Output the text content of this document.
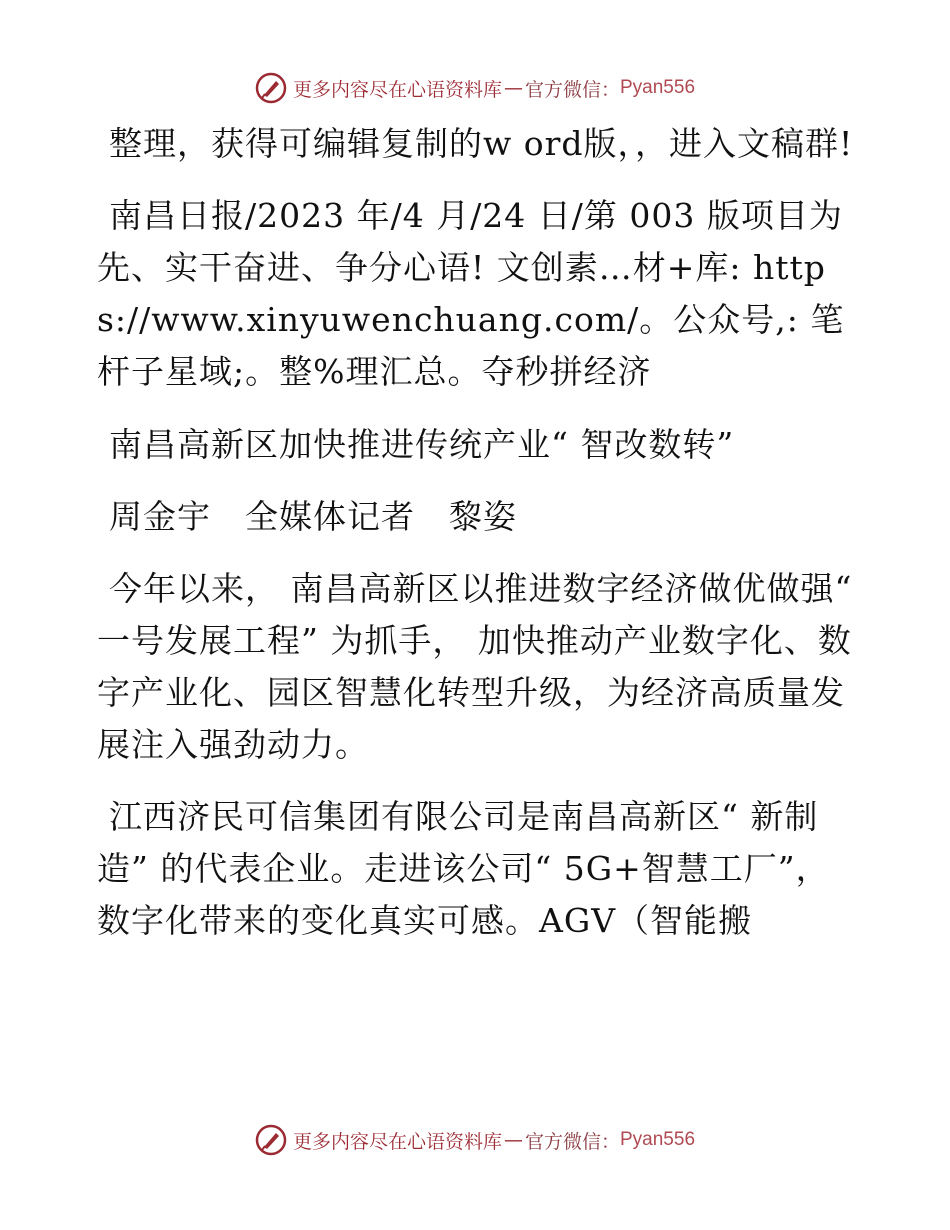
更多内容尽在心语资料库 — 官方微信： Pyan556

整理，获得可编辑复制的w ord版，，进入文稿群!

南昌日报/2023 年/4 月/24 日/第 003 版项目为先、实干奋进、争分心语! 文创素…材+库: https://www.xinyuwenchuang.com/。公众号,: 笔杆子星域;。整%理汇总。夺秒拼经济

南昌高新区加快推进传统产业“ 智改数转”

周金宇　全媒体记者　黎姿

今年以来， 南昌高新区以推进数字经济做优做强“ 一号发展工程” 为抓手， 加快推动产业数字化、数字产业化、园区智慧化转型升级，为经济高质量发展注入强劲动力。

江西济民可信集团有限公司是南昌高新区“ 新制造” 的代表企业。走进该公司“ 5G+智慧工厂”，数字化带来的变化真实可感。AGV（智能搬

更多内容尽在心语资料库 — 官方微信： Pyan556
